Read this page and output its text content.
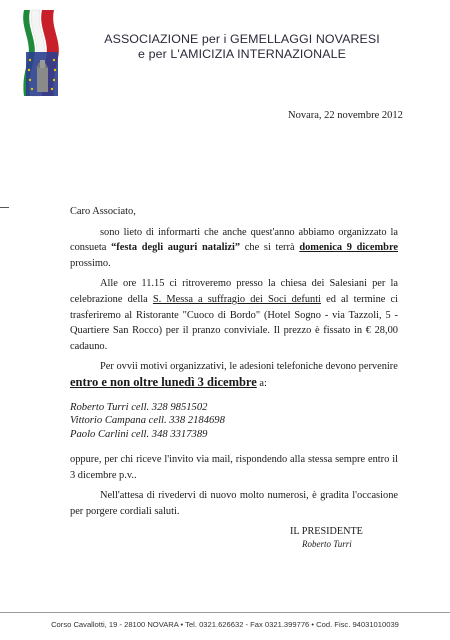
ASSOCIAZIONE per i GEMELLAGGI NOVARESI
e per L'AMICIZIA INTERNAZIONALE
Novara, 22 novembre 2012

Caro Associato,

sono lieto di informarti che anche quest'anno abbiamo organizzato la consueta “festa degli auguri natalizi” che si terrà domenica 9 dicembre prossimo.

Alle ore 11.15 ci ritroveremo presso la chiesa dei Salesiani per la celebrazione della S. Messa a suffragio dei Soci defunti ed al termine ci trasferiremo al Ristorante "Cuoco di Bordo" (Hotel Sogno - via Tazzoli, 5 - Quartiere San Rocco) per il pranzo conviviale. Il prezzo è fissato in € 28,00 cadauno.

Per ovvii motivi organizzativi, le adesioni telefoniche devono pervenire

entro e non oltre lunedì 3 dicembre a:

Roberto Turri cell. 328 9851502
Vittorio Campana cell. 338 2184698
Paolo Carlini cell. 348 3317389

oppure, per chi riceve l'invito via mail, rispondendo alla stessa sempre entro il 3 dicembre p.v..

Nell'attesa di rivedervi di nuovo molto numerosi, è gradita l'occasione per porgere cordiali saluti.

IL PRESIDENTE
Roberto Turri
Corso Cavallotti, 19 - 28100 NOVARA • Tel. 0321.626632 - Fax 0321.399776 • Cod. Fisc. 94031010039
